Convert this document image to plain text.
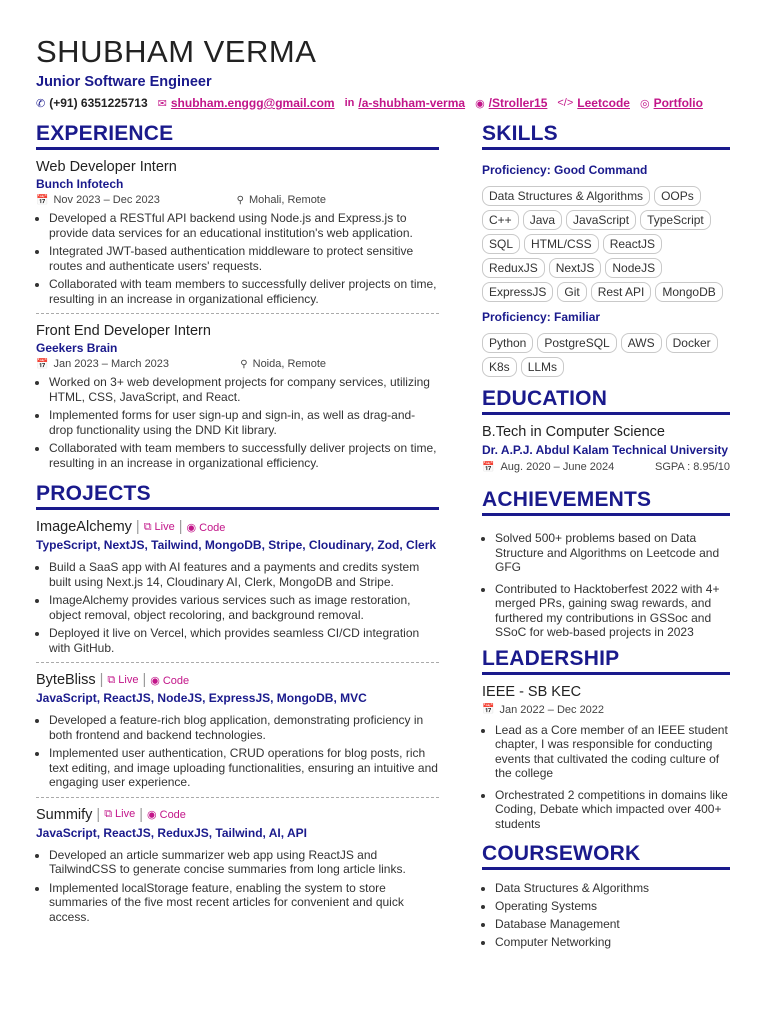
SHUBHAM VERMA
Junior Software Engineer
✆ (+91) 6351225713 ✉ shubham.enggg@gmail.com in /a-shubham-verma ◉ /Stroller15 </> Leetcode ◎ Portfolio
EXPERIENCE
Web Developer Intern
Bunch Infotech
📅 Nov 2023 – Dec 2023	⚲ Mohali, Remote
• Developed a RESTful API backend using Node.js and Express.js to provide data services for an educational institution's web application.
• Integrated JWT-based authentication middleware to protect sensitive routes and authenticate users' requests.
• Collaborated with team members to successfully deliver projects on time, resulting in an increase in organizational efficiency.
Front End Developer Intern
Geekers Brain
📅 Jan 2023 – March 2023	⚲ Noida, Remote
• Worked on 3+ web development projects for company services, utilizing HTML, CSS, JavaScript, and React.
• Implemented forms for user sign-up and sign-in, as well as drag-and-drop functionality using the DND Kit library.
• Collaborated with team members to successfully deliver projects on time, resulting in an increase in organizational efficiency.
PROJECTS
ImageAlchemy | ⧉ Live | ◉ Code
TypeScript, NextJS, Tailwind, MongoDB, Stripe, Cloudinary, Zod, Clerk
• Build a SaaS app with AI features and a payments and credits system built using Next.js 14, Cloudinary AI, Clerk, MongoDB and Stripe.
• ImageAlchemy provides various services such as image restoration, object removal, object recoloring, and background removal.
• Deployed it live on Vercel, which provides seamless CI/CD integration with GitHub.
ByteBliss | ⧉ Live | ◉ Code
JavaScript, ReactJS, NodeJS, ExpressJS, MongoDB, MVC
• Developed a feature-rich blog application, demonstrating proficiency in both frontend and backend technologies.
• Implemented user authentication, CRUD operations for blog posts, rich text editing, and image uploading functionalities, ensuring an intuitive and engaging user experience.
Summify | ⧉ Live | ◉ Code
JavaScript, ReactJS, ReduxJS, Tailwind, AI, API
• Developed an article summarizer web app using ReactJS and TailwindCSS to generate concise summaries from long article links.
• Implemented localStorage feature, enabling the system to store summaries of the five most recent articles for convenient and quick access.
SKILLS
Proficiency: Good Command
Data Structures & Algorithms	OOPs
C++	Java	JavaScript	TypeScript
SQL	HTML/CSS	ReactJS
ReduxJS	NextJS	NodeJS
ExpressJS	Git	Rest API	MongoDB
Proficiency: Familiar
Python	PostgreSQL	AWS	Docker
K8s	LLMs
EDUCATION
B.Tech in Computer Science
Dr. A.P.J. Abdul Kalam Technical University
📅 Aug. 2020 – June 2024	SGPA : 8.95/10
ACHIEVEMENTS
• Solved 500+ problems based on Data Structure and Algorithms on Leetcode and GFG
• Contributed to Hacktoberfest 2022 with 4+ merged PRs, gaining swag rewards, and furthered my contributions in GSSoc and SSoC for web-based projects in 2023
LEADERSHIP
IEEE - SB KEC
📅 Jan 2022 – Dec 2022
• Lead as a Core member of an IEEE student chapter, I was responsible for conducting events that cultivated the coding culture of the college
• Orchestrated 2 competitions in domains like Coding, Debate which impacted over 400+ students
COURSEWORK
• Data Structures & Algorithms
• Operating Systems
• Database Management
• Computer Networking
